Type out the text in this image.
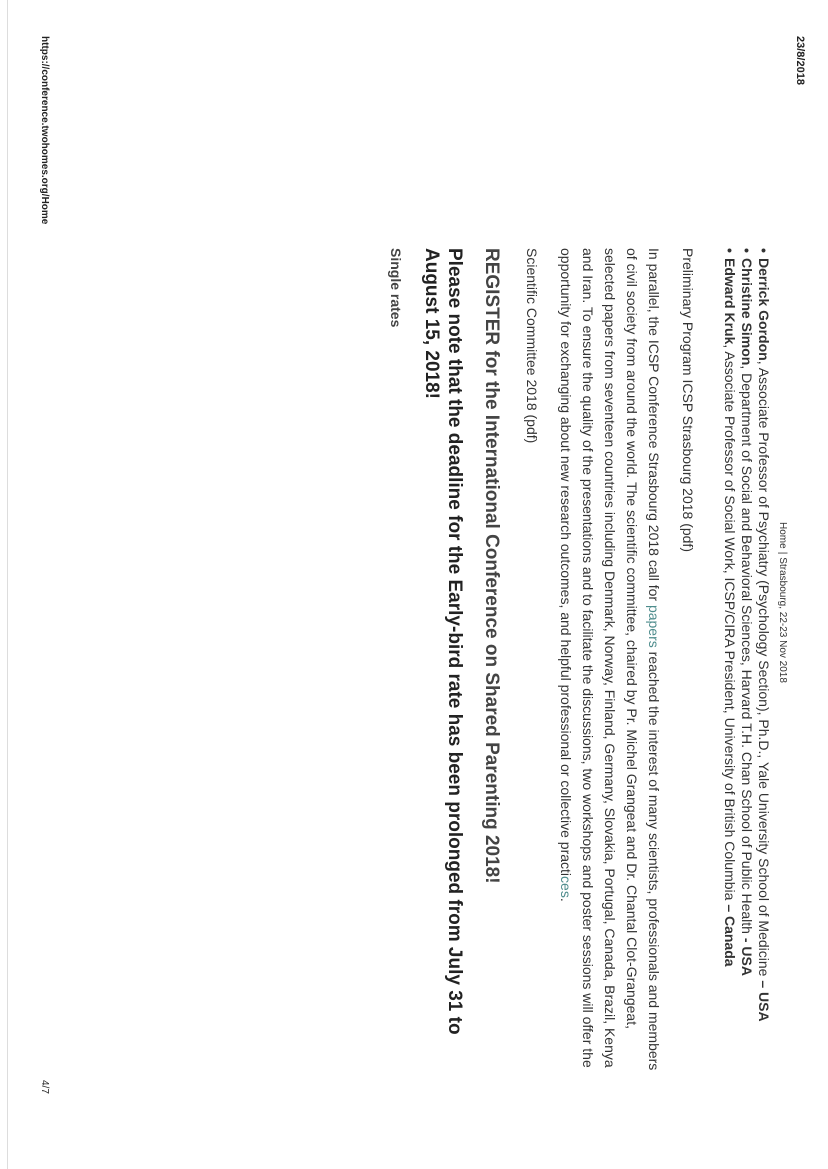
23/8/2018
https://conference.twohomes.org/Home
4/7
Home|Strasbourg, 22-23 Nov 2018
•
Derrick Gordon, Associate Professor of Psychiatry (Psychology Section), Ph.D., Yale University School of Medicine – USA
•
Christine Simon, Department of Social and Behavioral Sciences, Harvard T.H. Chan School of Public Health - USA
•
Edward Kruk, Associate Professor of Social Work, ICSP/CIRA President, University of British Columbia – Canada
Preliminary Program ICSP Strasbourg 2018 (pdf)
In parallel, the ICSP Conference Strasbourg 2018 call for papers reached the interest of many scientists, professionals and members of civil society from around the world. The scientific committee, chaired by Pr. Michel Grangeat and Dr. Chantal Clot-Grangeat, selected papers from seventeen countries including Denmark, Norway, Finland, Germany, Slovakia, Portugal, Canada, Brazil, Kenya and Iran. To ensure the quality of the presentations and to facilitate the discussions, two workshops and poster sessions will offer the opportunity for exchanging about new research outcomes, and helpful professional or collective practices.
Scientific Committee 2018 (pdf)
REGISTER for the International Conference on Shared Parenting 2018!
Please note that the deadline for the Early-bird rate has been prolonged from July 31 to August 15, 2018!
Single rates
